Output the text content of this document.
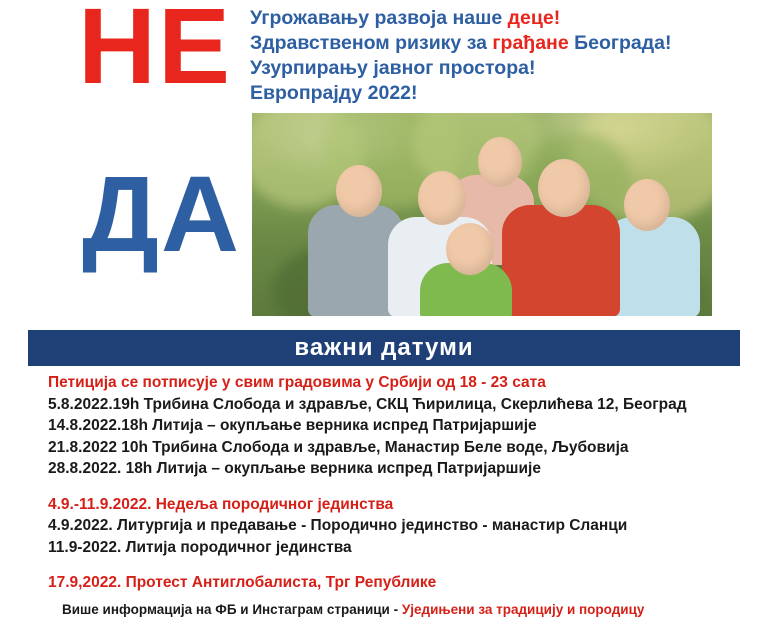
НЕ
ДА
Угрожавању развоја наше деце!
Здравственом ризику за грађане Београда!
Узурпирању јавног простора!
Европрајду 2022!
важни датуми
Петиција се потписује у свим градовима у Србији од 18 - 23 сата
5.8.2022.19h Трибина Слобода и здравље, СКЦ Ћирилица, Скерлићева 12, Београд
14.8.2022.18h Литија – окупљање верника испред Патријаршије
21.8.2022 10h Трибина Слобода и здравље, Манастир Беле воде, Љубовија
28.8.2022. 18h Литија – окупљање верника испред Патријаршије
4.9.-11.9.2022. Недеља породичног јединства
4.9.2022. Литургија и предавање - Породично јединство - манастир Сланци
11.9-2022. Литија породичног јединства
17.9,2022. Протест Антиглобалиста, Трг Републике
Више информација на ФБ и Инстаграм страници - Уједињени за традицију и породицу
